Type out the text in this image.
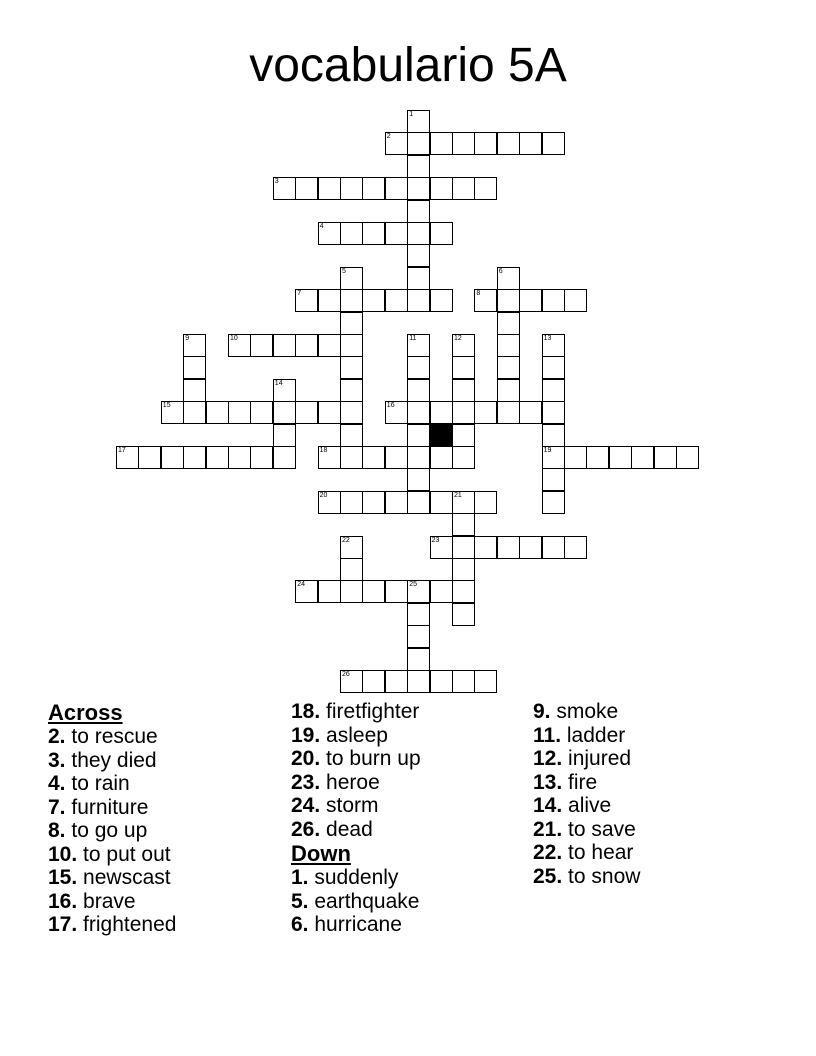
vocabulario 5A
1
2
3
4
5	6
7	8
9	10	11	12	13
19
14
15	16
17	18
20	21
22	23
24	25
26
Across
2. to rescue
3. they died
4. to rain
7. furniture
8. to go up
10. to put out
15. newscast
16. brave
17. frightened
18. firetfighter
19. asleep
20. to burn up
23. heroe
24. storm
26. dead
Down
1. suddenly
5. earthquake
6. hurricane
9. smoke
11. ladder
12. injured
13. fire
14. alive
21. to save
22. to hear
25. to snow
